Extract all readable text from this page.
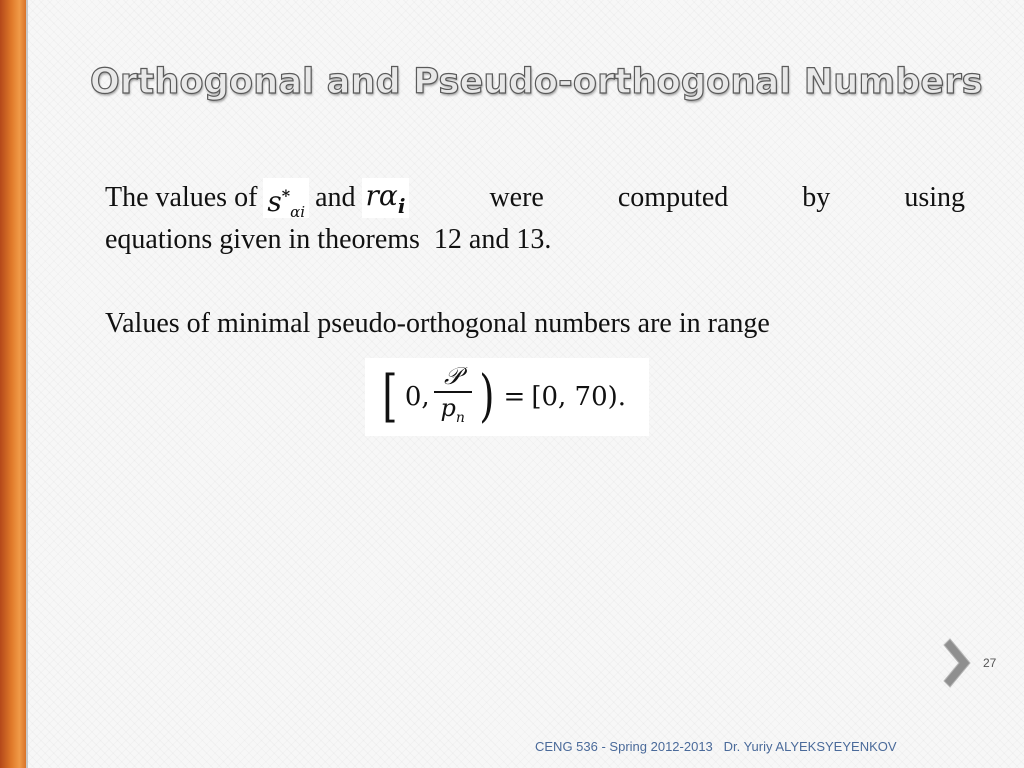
Orthogonal and Pseudo-orthogonal Numbers
The values of $s^*_{\alpha i}$ and $r\alpha_i$	were	computed	by	using
equations given in theorems  12 and 13.
Values of minimal pseudo-orthogonal numbers are in range
[ 0, $\frac{\text{𝒫}}{p_n}$ ) = [0, 70).
27
CENG 536 - Spring 2012-2013   Dr. Yuriy ALYEKSYEYENKOV
